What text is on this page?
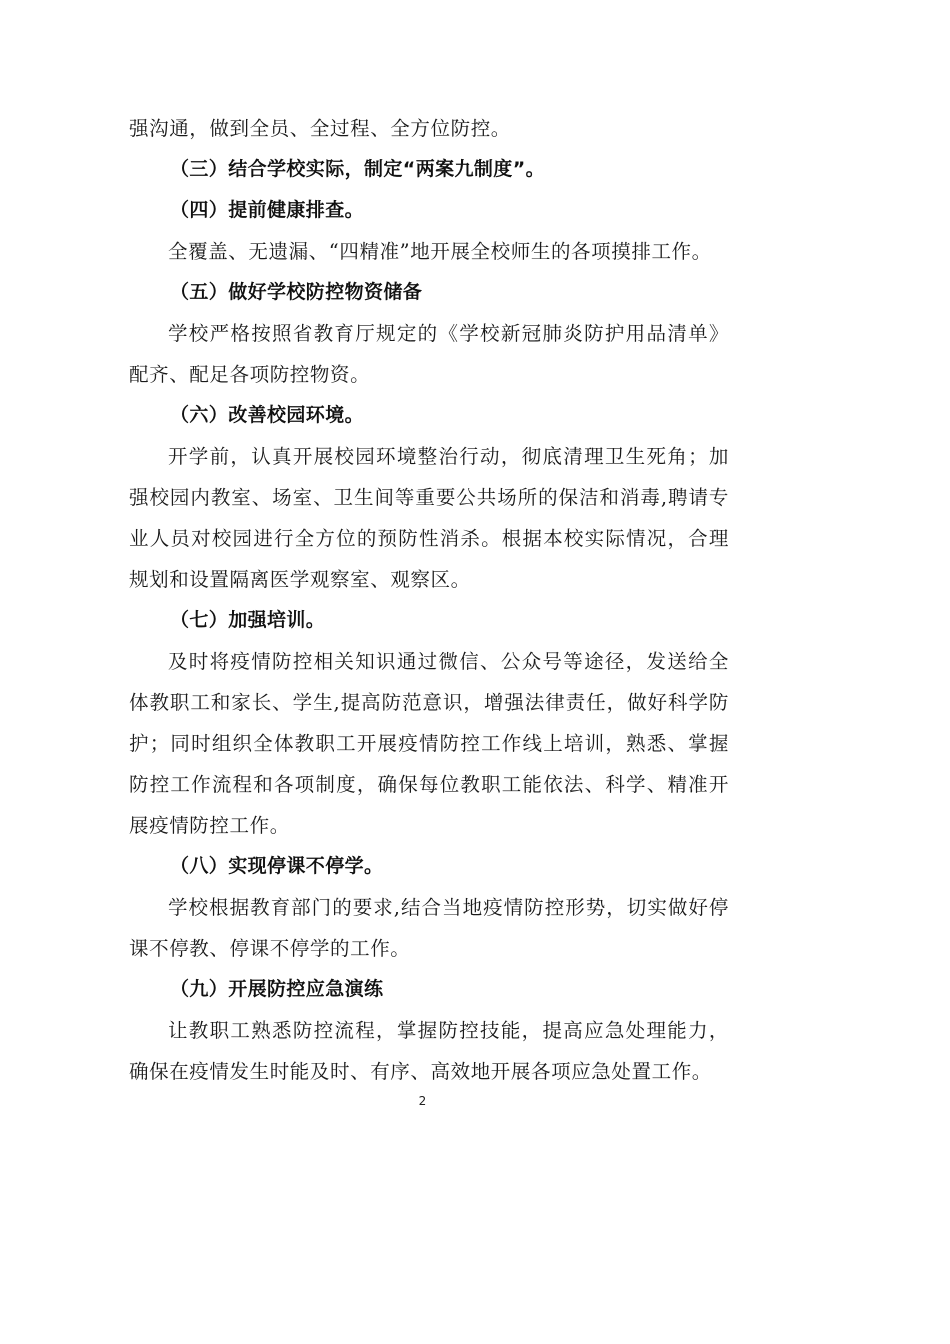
强沟通，做到全员、全过程、全方位防控。

（三）结合学校实际，制定“两案九制度”。

（四）提前健康排查。

全覆盖、无遗漏、“四精准”地开展全校师生的各项摸排工作。

（五）做好学校防控物资储备

学校严格按照省教育厅规定的《学校新冠肺炎防护用品清单》配齐、配足各项防控物资。

（六）改善校园环境。

开学前，认真开展校园环境整治行动，彻底清理卫生死角；加强校园内教室、场室、卫生间等重要公共场所的保洁和消毒,聘请专业人员对校园进行全方位的预防性消杀。根据本校实际情况，合理规划和设置隔离医学观察室、观察区。

（七）加强培训。

及时将疫情防控相关知识通过微信、公众号等途径，发送给全体教职工和家长、学生,提高防范意识，增强法律责任，做好科学防护；同时组织全体教职工开展疫情防控工作线上培训，熟悉、掌握防控工作流程和各项制度，确保每位教职工能依法、科学、精准开展疫情防控工作。

（八）实现停课不停学。

学校根据教育部门的要求,结合当地疫情防控形势，切实做好停课不停教、停课不停学的工作。

（九）开展防控应急演练

让教职工熟悉防控流程，掌握防控技能，提高应急处理能力，确保在疫情发生时能及时、有序、高效地开展各项应急处置工作。

2
